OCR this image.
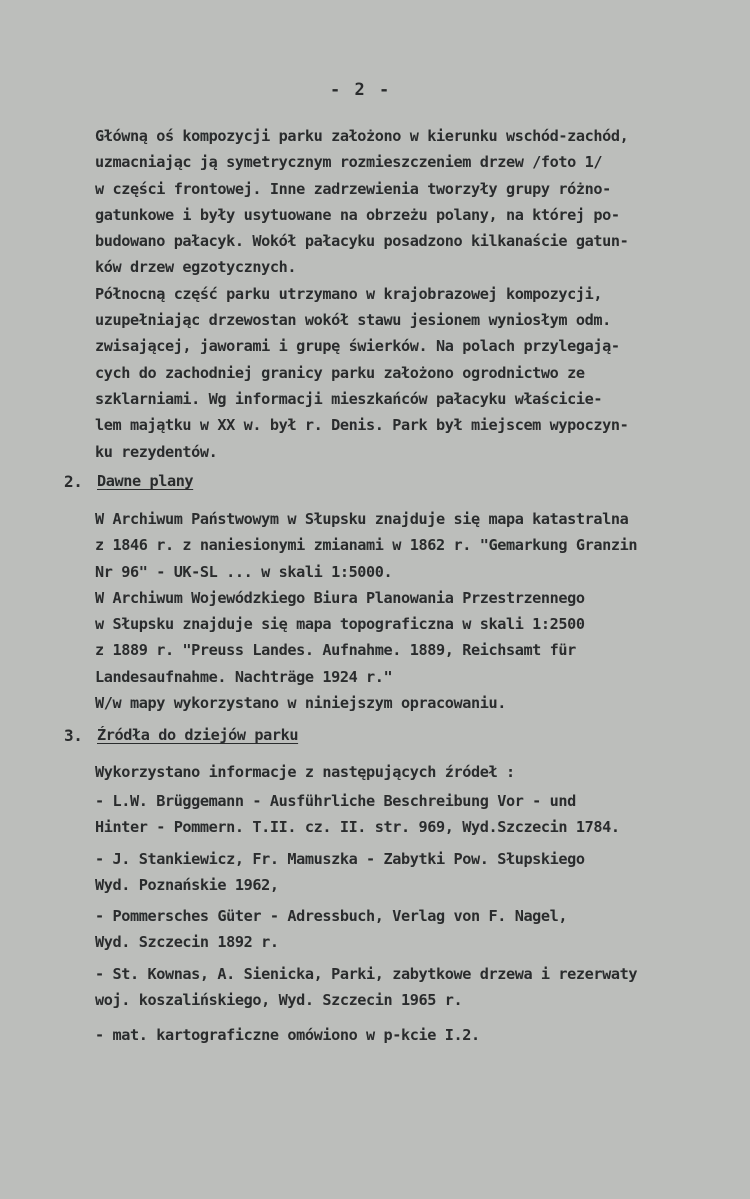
- 2 -
Główną oś kompozycji parku założono w kierunku wschód-zachód,
uzmacniając ją symetrycznym rozmieszczeniem drzew /foto 1/
w części frontowej. Inne zadrzewienia tworzyły grupy różno-
gatunkowe i były usytuowane na obrzeżu polany, na której po-
budowano pałacyk. Wokół pałacyku posadzono kilkanaście gatun-
ków drzew egzotycznych.
Północną część parku utrzymano w krajobrazowej kompozycji,
uzupełniając drzewostan wokół stawu jesionem wyniosłym odm.
zwisającej, jaworami i grupę świerków. Na polach przylegają-
cych do zachodniej granicy parku założono ogrodnictwo ze
szklarniami. Wg informacji mieszkańców pałacyku właściciе-
lem majątku w XX w. był r. Denis. Park był miejscem wypoczyn-
ku rezydentów.
2. Dawne plany
W Archiwum Państwowym w Słupsku znajduje się mapa katastralna
z 1846 r. z naniesionymi zmianami w 1862 r. "Gemarkung Granzin
Nr 96" - UK-SL ... w skali 1:5000.
W Archiwum Wojewódzkiego Biura Planowania Przestrzennego
w Słupsku znajduje się mapa topograficzna w skali 1:2500
z 1889 r. "Preuss Landes. Aufnahme. 1889, Reichsamt für
Landesaufnahme. Nachträge 1924 r."
W/w mapy wykorzystano w niniejszym opracowaniu.
3. Źródła do dziejów parku
Wykorzystano informacje z następujących źródeł :
- L.W. Brüggemann - Ausführliche Beschreibung Vor - und
Hinter - Pommern. T.II. cz. II. str. 969, Wyd.Szczecin 1784.
- J. Stankiewicz, Fr. Mamuszka - Zabytki Pow. Słupskiego
Wyd. Poznańskie 1962,
- Pommersches Güter - Adressbuch, Verlag von F. Nagel,
Wyd. Szczecin 1892 r.
- St. Kownas, A. Sienicka, Parki, zabytkowe drzewa i rezerwaty
woj. koszalińskiego, Wyd. Szczecin 1965 r.
- mat. kartograficzne omówiono w p-kcie I.2.
